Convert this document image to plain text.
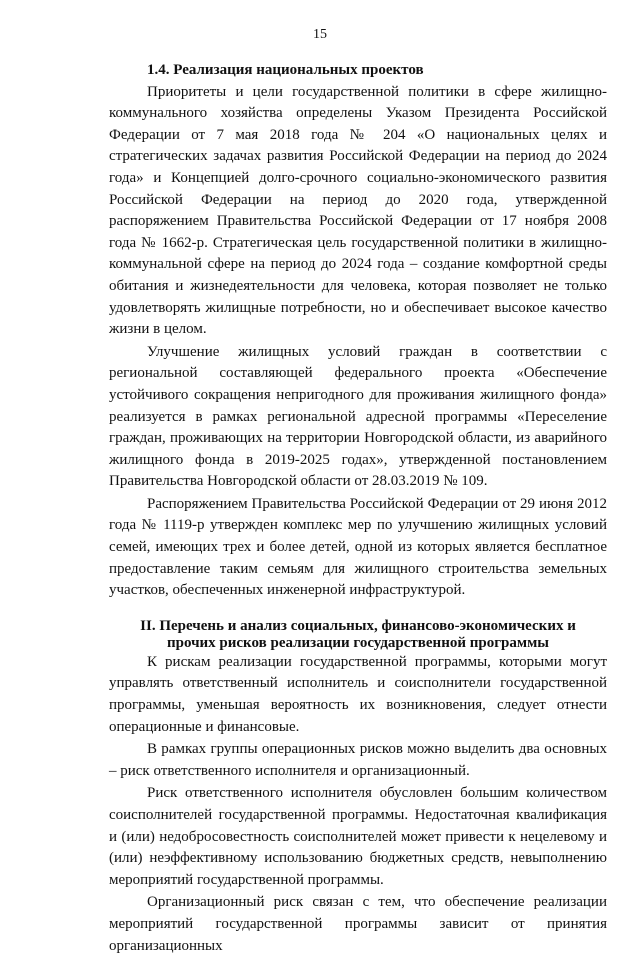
15

1.4. Реализация национальных проектов

Приоритеты и цели государственной политики в сфере жилищно-коммунального хозяйства определены Указом Президента Российской Федерации от 7 мая 2018 года № 204 «О национальных целях и стратегических задачах развития Российской Федерации на период до 2024 года» и Концепцией долго-срочного социально-экономического развития Российской Федерации на период до 2020 года, утвержденной распоряжением Правительства Российской Федерации от 17 ноября 2008 года № 1662-р. Стратегическая цель государственной политики в жилищно-коммунальной сфере на период до 2024 года – создание комфортной среды обитания и жизнедеятельности для человека, которая позволяет не только удовлетворять жилищные потребности, но и обеспечивает высокое качество жизни в целом.

Улучшение жилищных условий граждан в соответствии с региональной составляющей федерального проекта «Обеспечение устойчивого сокращения непригодного для проживания жилищного фонда» реализуется в рамках региональной адресной программы «Переселение граждан, проживающих на территории Новгородской области, из аварийного жилищного фонда в 2019-2025 годах», утвержденной постановлением Правительства Новгородской области от 28.03.2019 № 109.

Распоряжением Правительства Российской Федерации от 29 июня 2012 года № 1119-р утвержден комплекс мер по улучшению жилищных условий семей, имеющих трех и более детей, одной из которых является бесплатное предоставление таким семьям для жилищного строительства земельных участков, обеспеченных инженерной инфраструктурой.

II. Перечень и анализ социальных, финансово-экономических и
прочих рисков реализации государственной программы

К рискам реализации государственной программы, которыми могут управлять ответственный исполнитель и соисполнители государственной программы, уменьшая вероятность их возникновения, следует отнести операционные и финансовые.

В рамках группы операционных рисков можно выделить два основных – риск ответственного исполнителя и организационный.

Риск ответственного исполнителя обусловлен большим количеством соисполнителей государственной программы. Недостаточная квалификация и (или) недобросовестность соисполнителей может привести к нецелевому и (или) неэффективному использованию бюджетных средств, невыполнению мероприятий государственной программы.

Организационный риск связан с тем, что обеспечение реализации мероприятий государственной программы зависит от принятия организационных
